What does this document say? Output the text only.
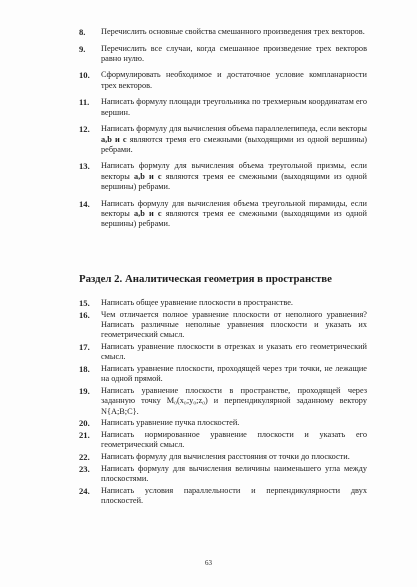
8. Перечислить основные свойства смешанного произведения трех векторов.
9. Перечислить все случаи, когда смешанное произведение трех векторов равно нулю.
10. Сформулировать необходимое и достаточное условие компланарности трех векторов.
11. Написать формулу площади треугольника по трехмерным координатам его вершин.
12. Написать формулу для вычисления объема параллелепипеда, если векторы a,b и c являются тремя его смежными (выходящими из одной вершины) ребрами.
13. Написать формулу для вычисления объема треугольной призмы, если векторы a,b и c являются тремя ее смежными (выходящими из одной вершины) ребрами.
14. Написать формулу для вычисления объема треугольной пирамиды, если векторы a,b и c являются тремя ее смежными (выходящими из одной вершины) ребрами.
Раздел 2. Аналитическая геометрия в пространстве
15. Написать общее уравнение плоскости в пространстве.
16. Чем отличается полное уравнение плоскости от неполного уравнения? Написать различные неполные уравнения плоскости и указать их геометрический смысл.
17. Написать уравнение плоскости в отрезках и указать его геометрический смысл.
18. Написать уравнение плоскости, проходящей через три точки, не лежащие на одной прямой.
19. Написать уравнение плоскости в пространстве, проходящей через заданную точку M₀(x₀;y₀;z₀) и перпендикулярной заданному вектору N{A;B;C}.
20. Написать уравнение пучка плоскостей.
21. Написать нормированное уравнение плоскости и указать его геометрический смысл.
22. Написать формулу для вычисления расстояния от точки до плоскости.
23. Написать формулу для вычисления величины наименьшего угла между плоскостями.
24. Написать условия параллельности и перпендикулярности двух плоскостей.
63
